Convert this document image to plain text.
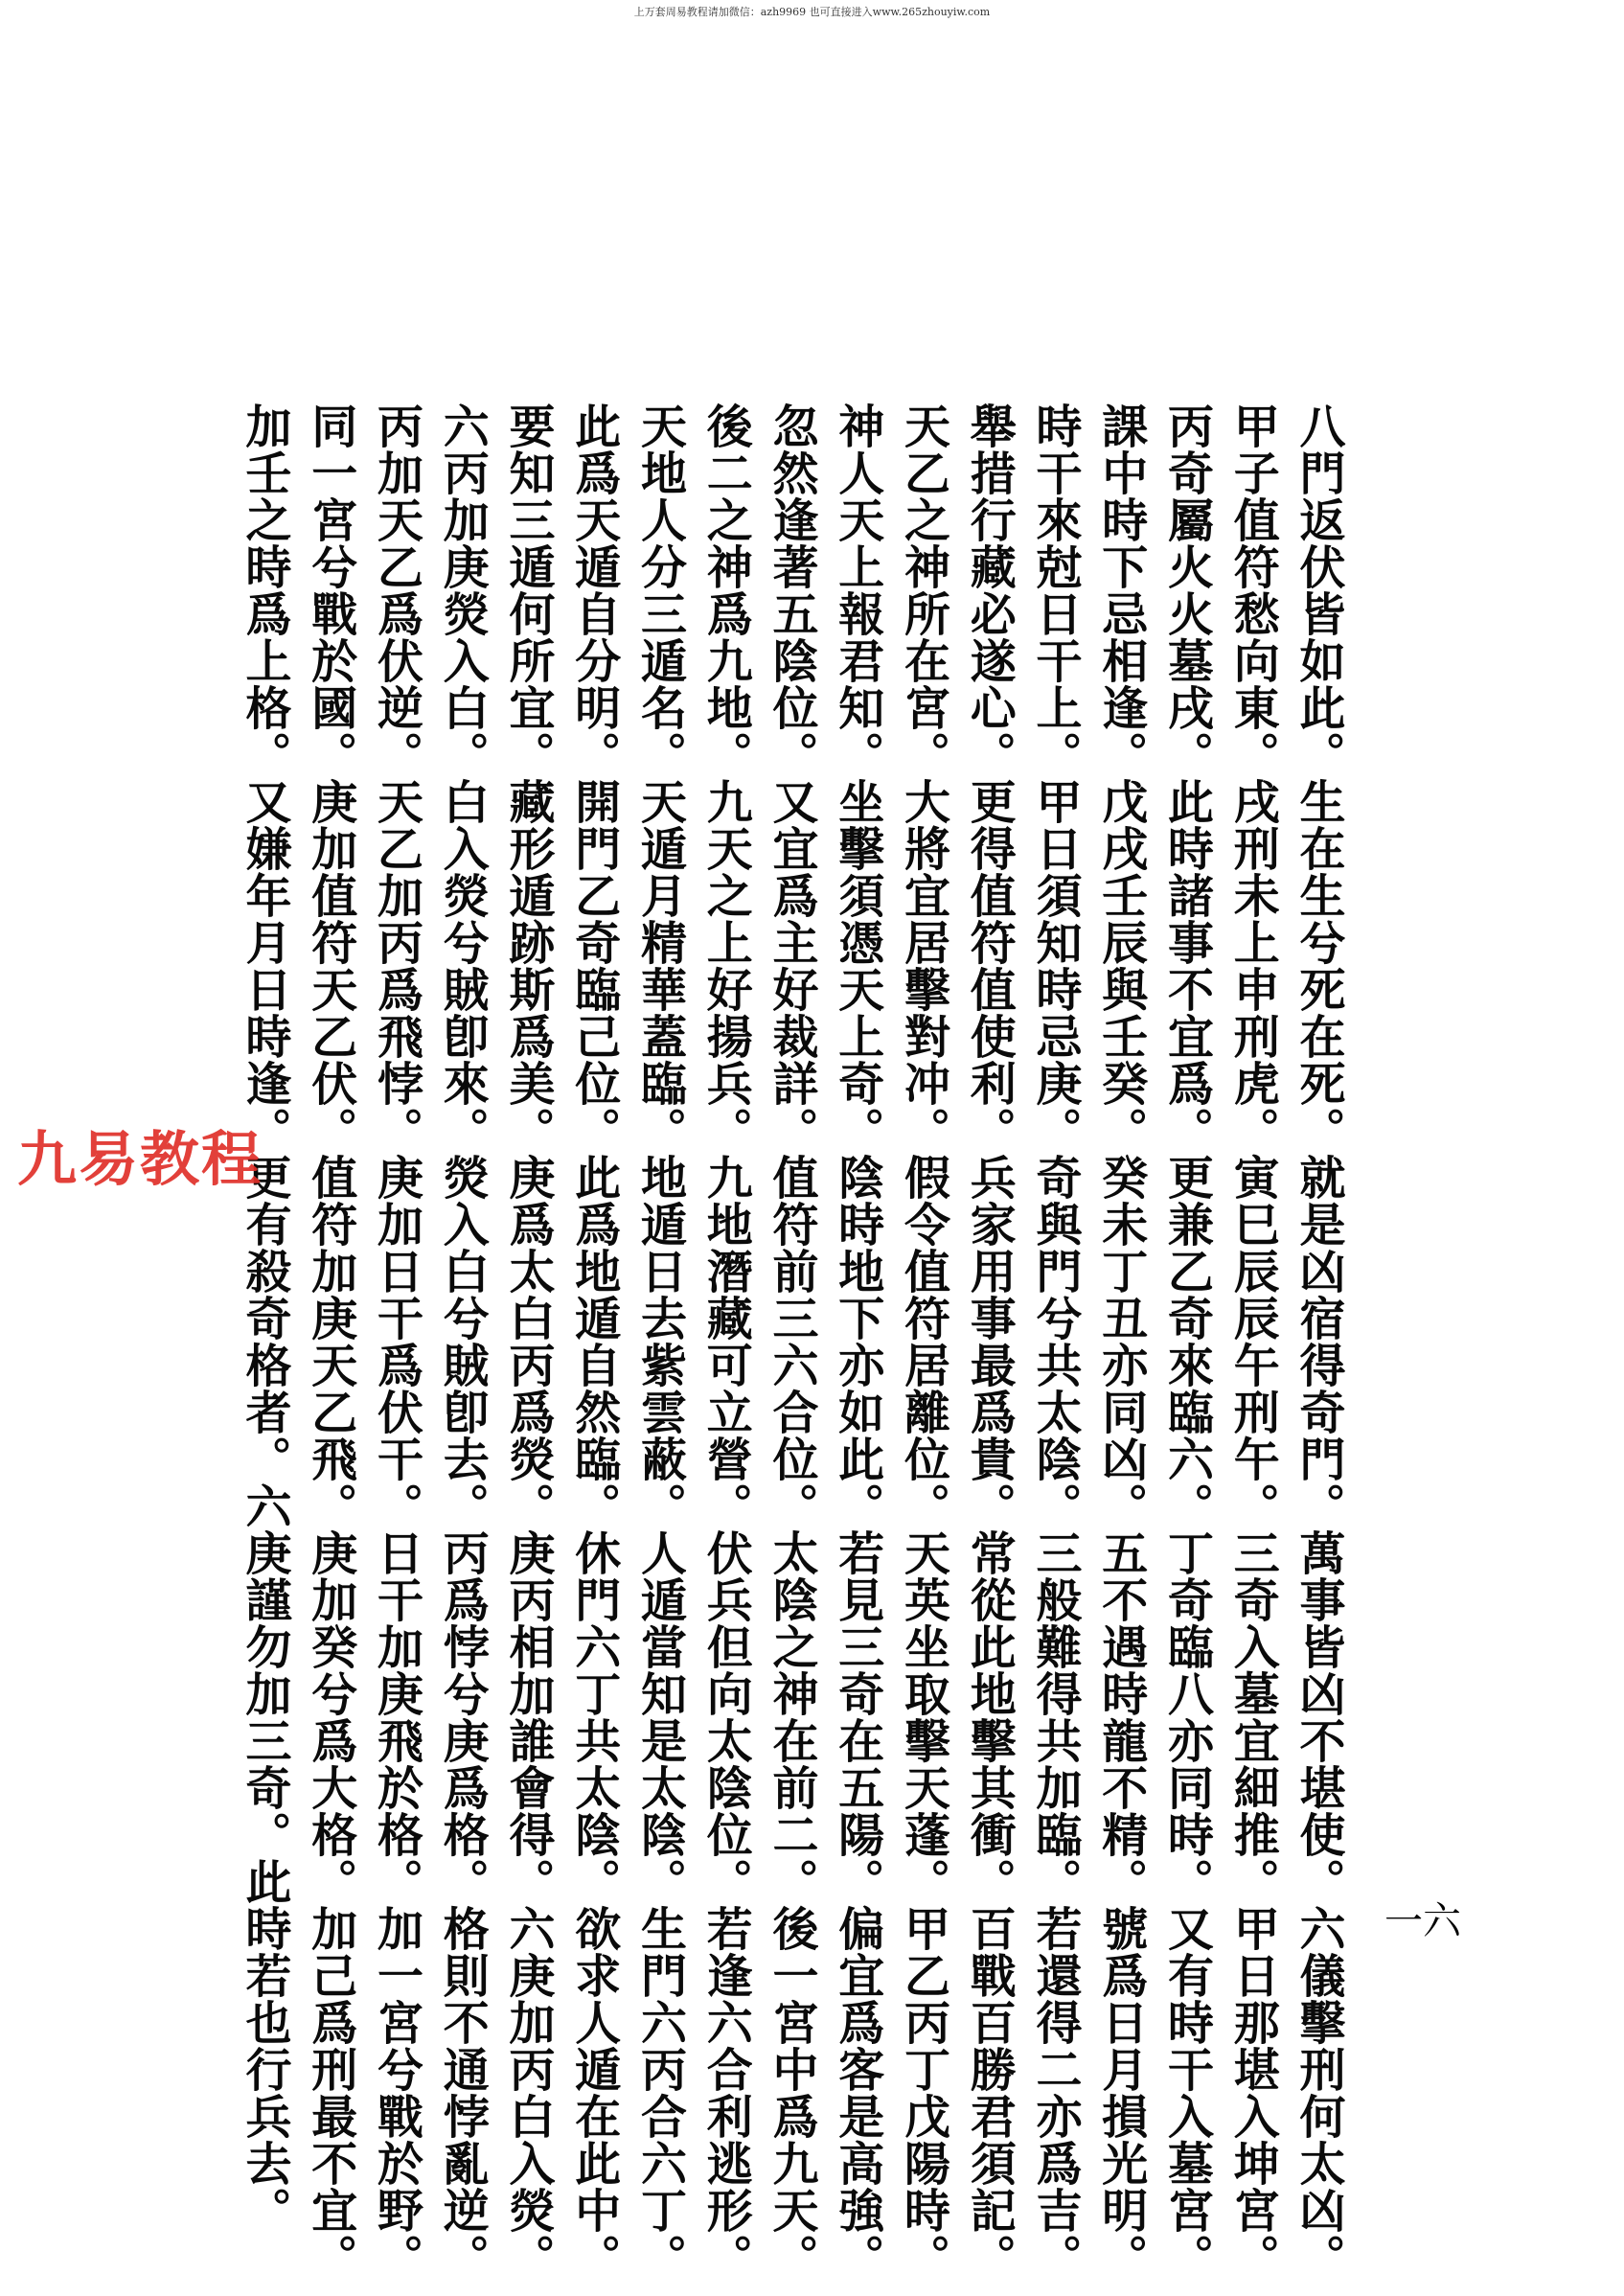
上万套周易教程请加微信：azh9969 也可直接进入www.265zhouyiw.com
一六
八門返伏皆如此。生在生兮死在死。就是凶宿得奇門。萬事皆凶不堪使。六儀擊刑何太凶。
甲子值符愁向東。戌刑未上申刑虎。寅巳辰辰午刑午。三奇入墓宜細推。甲日那堪入坤宮。
丙奇屬火火墓戌。此時諸事不宜爲。更兼乙奇來臨六。丁奇臨八亦同時。又有時干入墓宮。
課中時下忌相逢。戊戌壬辰與壬癸。癸未丁丑亦同凶。五不遇時龍不精。號爲日月損光明。
時干來尅日干上。甲日須知時忌庚。奇與門兮共太陰。三般難得共加臨。若還得二亦爲吉。
舉措行藏必遂心。更得值符值使利。兵家用事最爲貴。常從此地擊其衝。百戰百勝君須記。
天乙之神所在宮。大將宜居擊對冲。假令值符居離位。天英坐取擊天蓬。甲乙丙丁戊陽時。
神人天上報君知。坐擊須憑天上奇。陰時地下亦如此。若見三奇在五陽。偏宜爲客是高強。
忽然逢著五陰位。又宜爲主好裁詳。值符前三六合位。太陰之神在前二。後一宮中爲九天。
後二之神爲九地。九天之上好揚兵。九地潛藏可立營。伏兵但向太陰位。若逢六合利逃形。
天地人分三遁名。天遁月精華蓋臨。地遁日去紫雲蔽。人遁當知是太陰。生門六丙合六丁。
此爲天遁自分明。開門乙奇臨己位。此爲地遁自然臨。休門六丁共太陰。欲求人遁在此中。
要知三遁何所宜。藏形遁跡斯爲美。庚爲太白丙爲熒。庚丙相加誰會得。六庚加丙白入熒。
六丙加庚熒入白。白入熒兮賊卽來。熒入白兮賊卽去。丙爲悖兮庚爲格。格則不通悖亂逆。
丙加天乙爲伏逆。天乙加丙爲飛悖。庚加日干爲伏干。日干加庚飛於格。加一宮兮戰於野。
同一宮兮戰於國。庚加值符天乙伏。值符加庚天乙飛。庚加癸兮爲大格。加己爲刑最不宜。
加壬之時爲上格。又嫌年月日時逢。更有殺奇格者。六庚謹勿加三奇。此時若也行兵去。
九易教程
